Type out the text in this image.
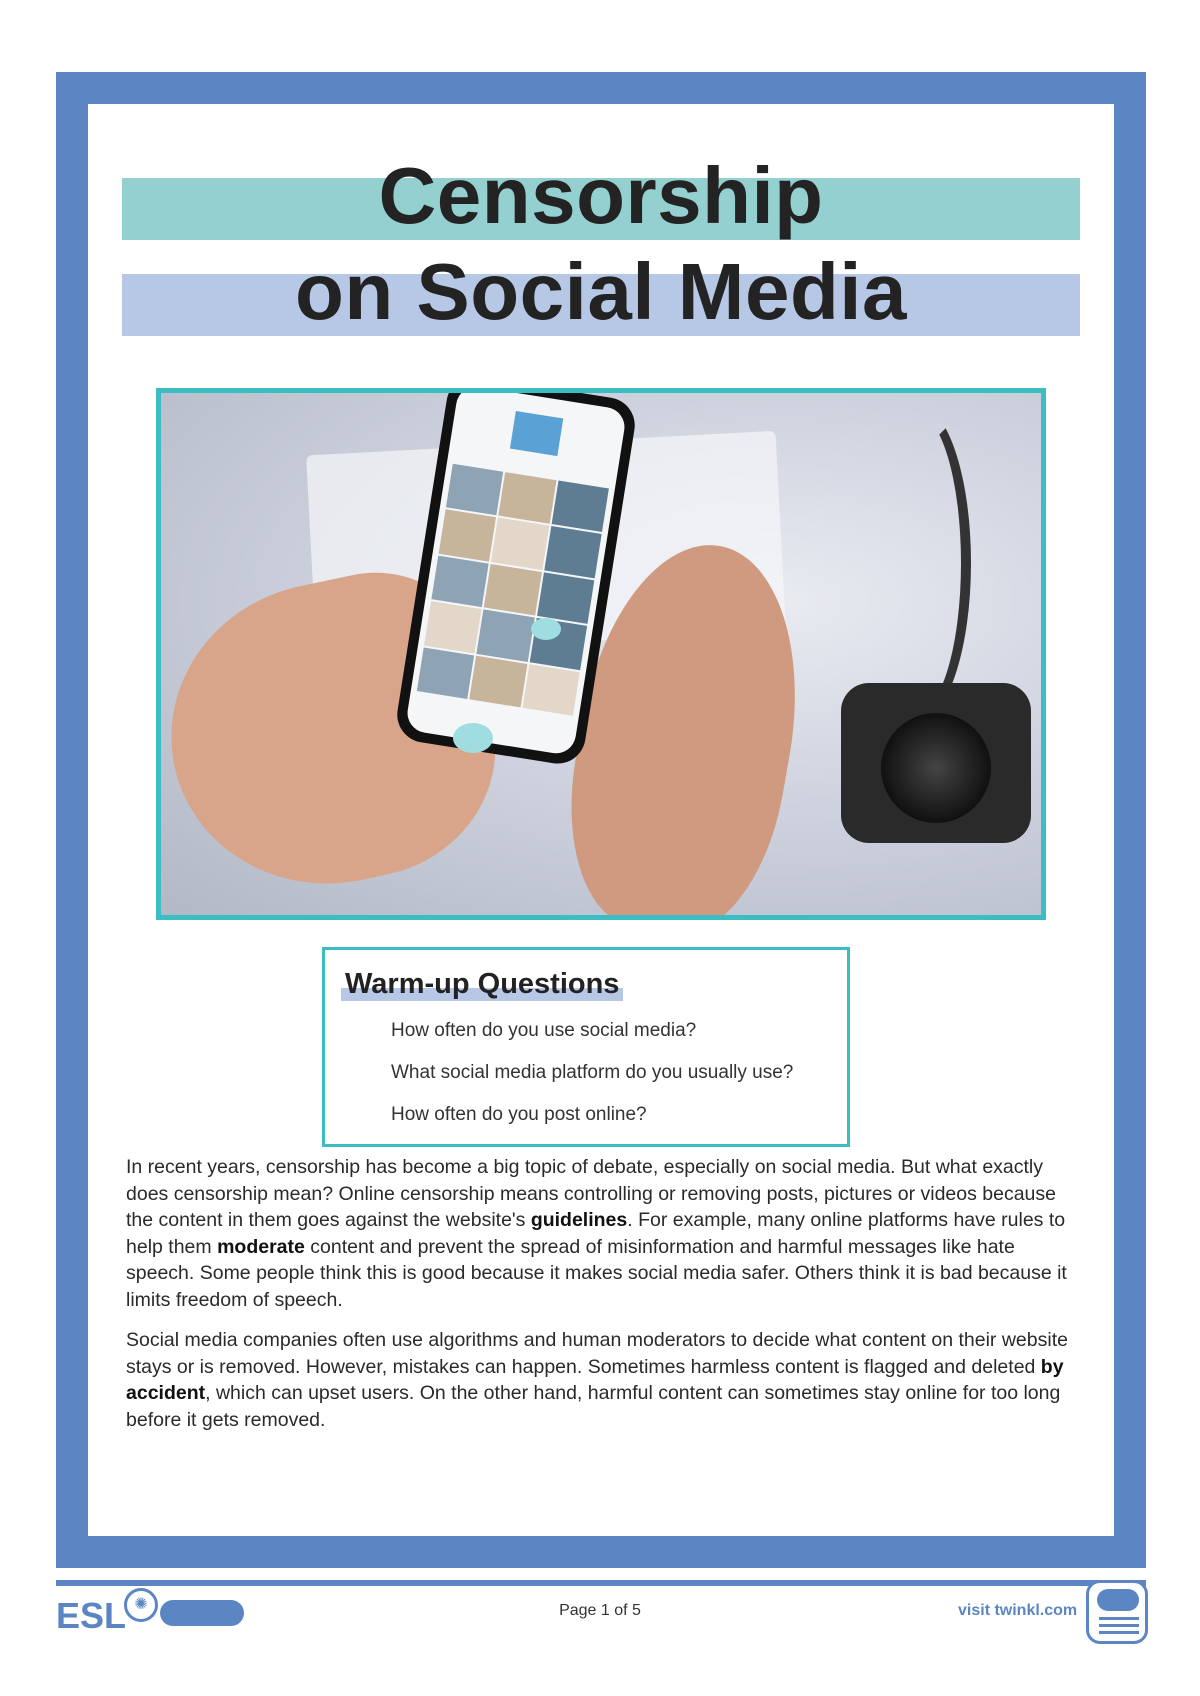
Censorship
on Social Media
Warm-up Questions
How often do you use social media?
What social media platform do you usually use?
How often do you post online?

In recent years, censorship has become a big topic of debate, especially on social media. But what exactly does censorship mean? Online censorship means controlling or removing posts, pictures or videos because the content in them goes against the website's guidelines. For example, many online platforms have rules to help them moderate content and prevent the spread of misinformation and harmful messages like hate speech. Some people think this is good because it makes social media safer. Others think it is bad because it limits freedom of speech.

Social media companies often use algorithms and human moderators to decide what content on their website stays or is removed. However, mistakes can happen. Sometimes harmless content is flagged and deleted by accident, which can upset users. On the other hand, harmful content can sometimes stay online for too long before it gets removed.

ESL ✺	Page 1 of 5	visit twinkl.com
